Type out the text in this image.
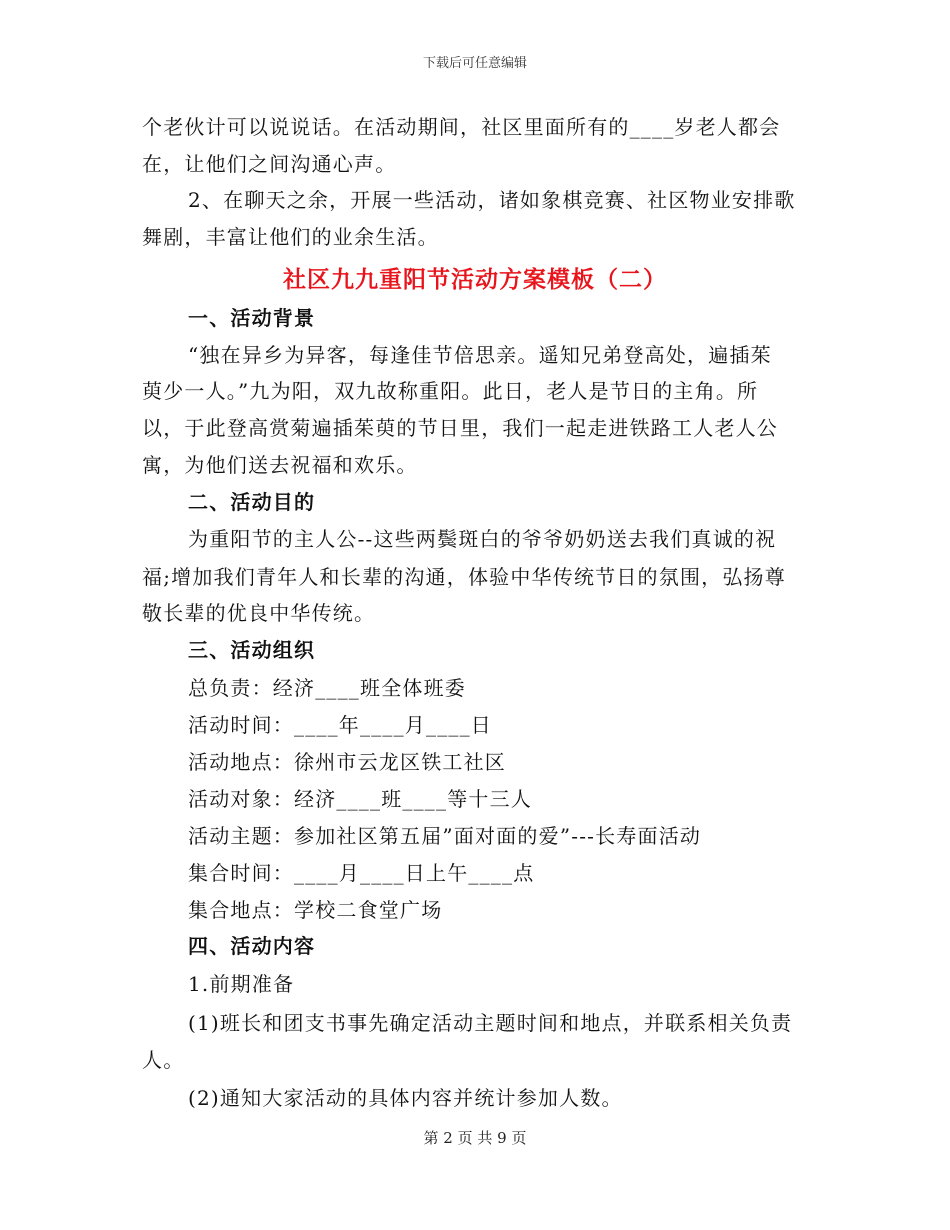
下载后可任意编辑
个老伙计可以说说话。在活动期间，社区里面所有的____岁老人都会
在，让他们之间沟通心声。
2、在聊天之余，开展一些活动，诸如象棋竞赛、社区物业安排歌
舞剧，丰富让他们的业余生活。
社区九九重阳节活动方案模板（二）
一、活动背景
“独在异乡为异客，每逢佳节倍思亲。遥知兄弟登高处，遍插茱
萸少一人。”九为阳，双九故称重阳。此日，老人是节日的主角。所
以，于此登高赏菊遍插茱萸的节日里，我们一起走进铁路工人老人公
寓，为他们送去祝福和欢乐。
二、活动目的
为重阳节的主人公--这些两鬓斑白的爷爷奶奶送去我们真诚的祝
福;增加我们青年人和长辈的沟通，体验中华传统节日的氛围，弘扬尊
敬长辈的优良中华传统。
三、活动组织
总负责：经济____班全体班委
活动时间：____年____月____日
活动地点：徐州市云龙区铁工社区
活动对象：经济____班____等十三人
活动主题：参加社区第五届”面对面的爱”---长寿面活动
集合时间：____月____日上午____点
集合地点：学校二食堂广场
四、活动内容
1.前期准备
(1)班长和团支书事先确定活动主题时间和地点，并联系相关负责
人。
(2)通知大家活动的具体内容并统计参加人数。
第 2 页 共 9 页
